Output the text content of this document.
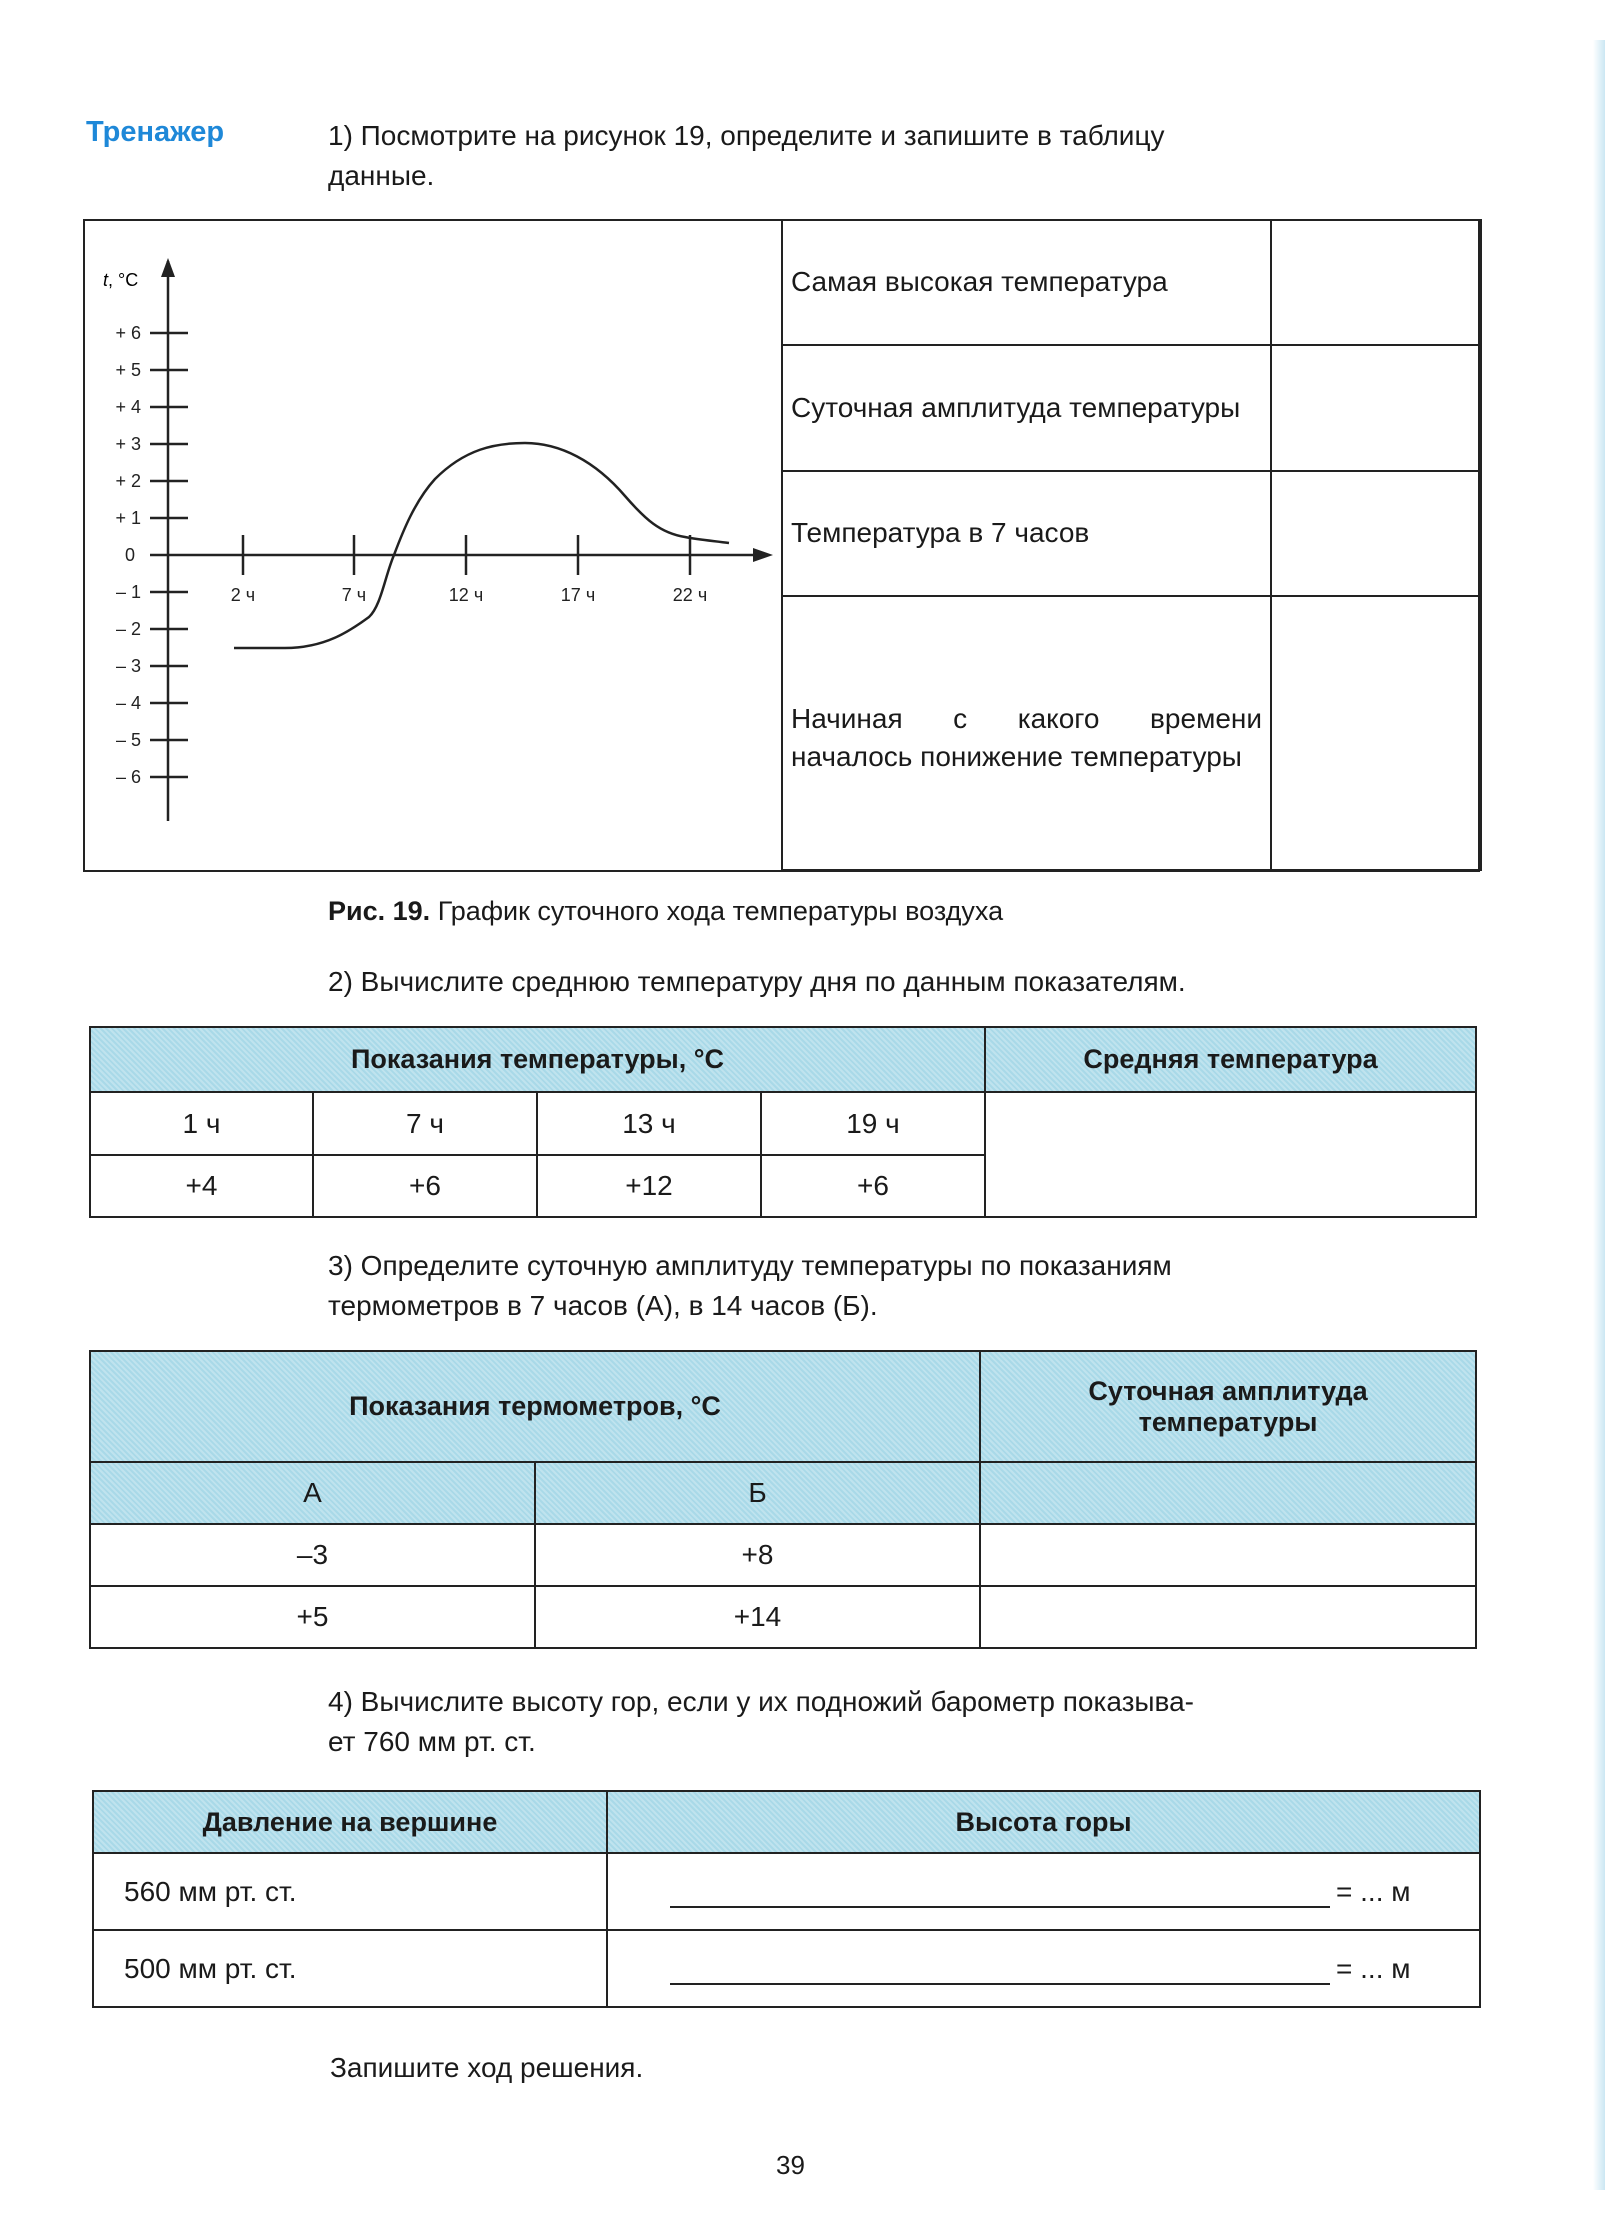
Тренажер	1) Посмотрите на рисунок 19, определите и запишите в таблицу
данные.
t, °C
+ 6
+ 5
+ 4
+ 3
+ 2
+ 1
0
– 1
– 2
– 3
– 4
– 5
– 6
2 ч	7 ч	12 ч	17 ч	22 ч
Самая высокая температура	

Суточная амплитуда температуры	

Температура в 7 часов	

Начиная с какого времени началось понижение температуры	

Рис. 19. График суточного хода температуры воздуха
2) Вычислите среднюю температуру дня по данным показателям.
Показания температуры, °C				Средняя температура
1 ч	7 ч	13 ч	19 ч	
+4	+6	+12	+6	
3) Определите суточную амплитуду температуры по показаниям
термометров в 7 часов (А), в 14 часов (Б).
Показания термометров, °C		Суточная амплитуда
температуры

А	Б	
–3	+8	
+5	+14	
4) Вычислите высоту гор, если у их подножий барометр показыва-
ет 760 мм рт. ст.
Давление на вершине	Высота горы
560 мм рт. ст.	= ... м
500 мм рт. ст.	= ... м
Запишите ход решения.
39
